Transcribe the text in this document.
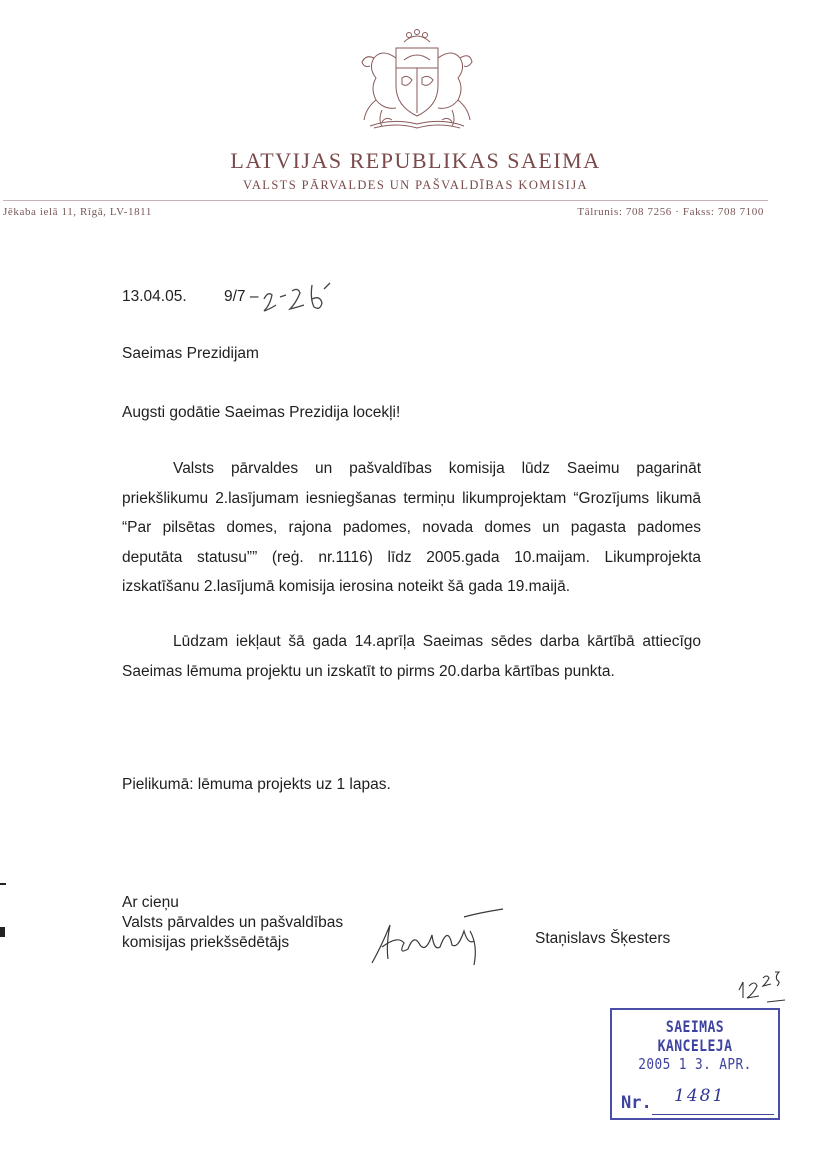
LATVIJAS REPUBLIKAS SAEIMA
VALSTS PĀRVALDES UN PAŠVALDĪBAS KOMISIJA
Jēkaba ielā 11, Rīgā, LV-1811	Tālrunis: 708 7256 · Fakss: 708 7100
13.04.05. 9/7 –
Saeimas Prezidijam
Augsti godātie Saeimas Prezidija locekļi!
Valsts pārvaldes un pašvaldības komisija lūdz Saeimu pagarināt priekšlikumu 2.lasījumam iesniegšanas termiņu likumprojektam “Grozījums likumā “Par pilsētas domes, rajona padomes, novada domes un pagasta padomes deputāta statusu”” (reģ. nr.1116) līdz 2005.gada 10.maijam. Likumprojekta izskatīšanu 2.lasījumā komisija ierosina noteikt šā gada 19.maijā.
Lūdzam iekļaut šā gada 14.aprīļa Saeimas sēdes darba kārtībā attiecīgo Saeimas lēmuma projektu un izskatīt to pirms 20.darba kārtības punkta.
Pielikumā: lēmuma projekts uz 1 lapas.
Ar cieņu
Valsts pārvaldes un pašvaldības
komisijas priekšsēdētājs	Staņislavs Šķesters
SAEIMAS KANCELEJA
2005 1 3. APR.
Nr. 1481
